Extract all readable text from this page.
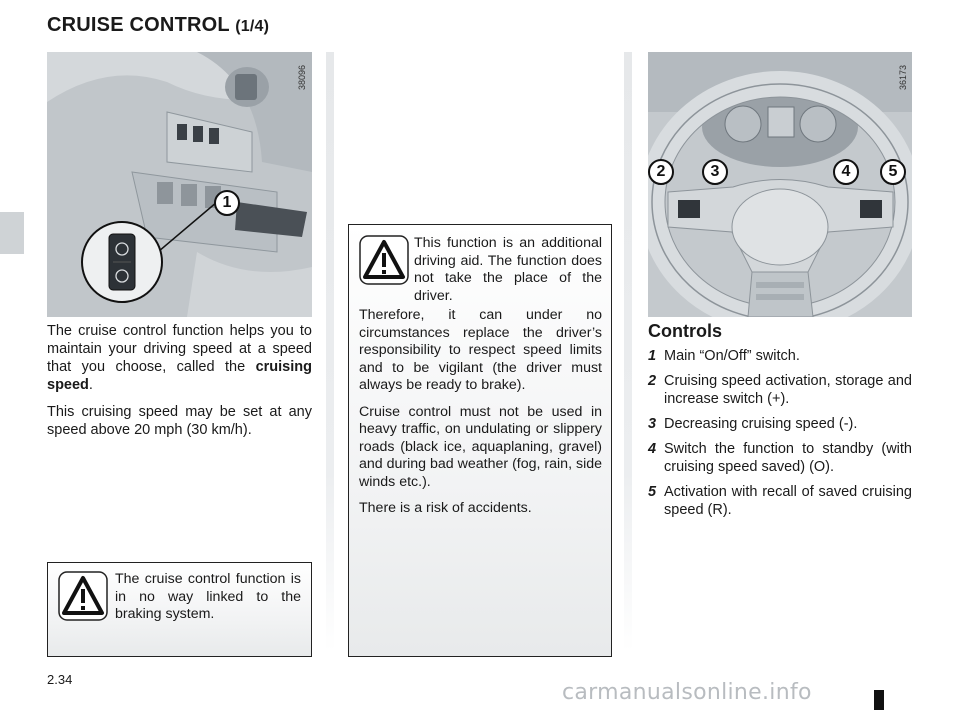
CRUISE CONTROL (1/4)
38096
1
36173
2	3	4	5

The cruise control function helps you to maintain your driving speed at a speed that you choose, called the cruising speed.

This cruising speed may be set at any speed above 20 mph (30 km/h).

This function is an additional driving aid. The function does not take the place of the driver.

Therefore, it can under no circumstances replace the driver’s responsibility to respect speed limits and to be vigilant (the driver must always be ready to brake).

Cruise control must not be used in heavy traffic, on undulating or slippery roads (black ice, aquaplaning, gravel) and during bad weather (fog, rain, side winds etc.).

There is a risk of accidents.

The cruise control function is in no way linked to the braking system.
Controls
1 Main “On/Off” switch.
2 Cruising speed activation, storage and increase switch (+).
3 Decreasing cruising speed (-).
4 Switch the function to standby (with cruising speed saved) (O).
5 Activation with recall of saved cruising speed (R).
2.34
carmanualsonline.info
